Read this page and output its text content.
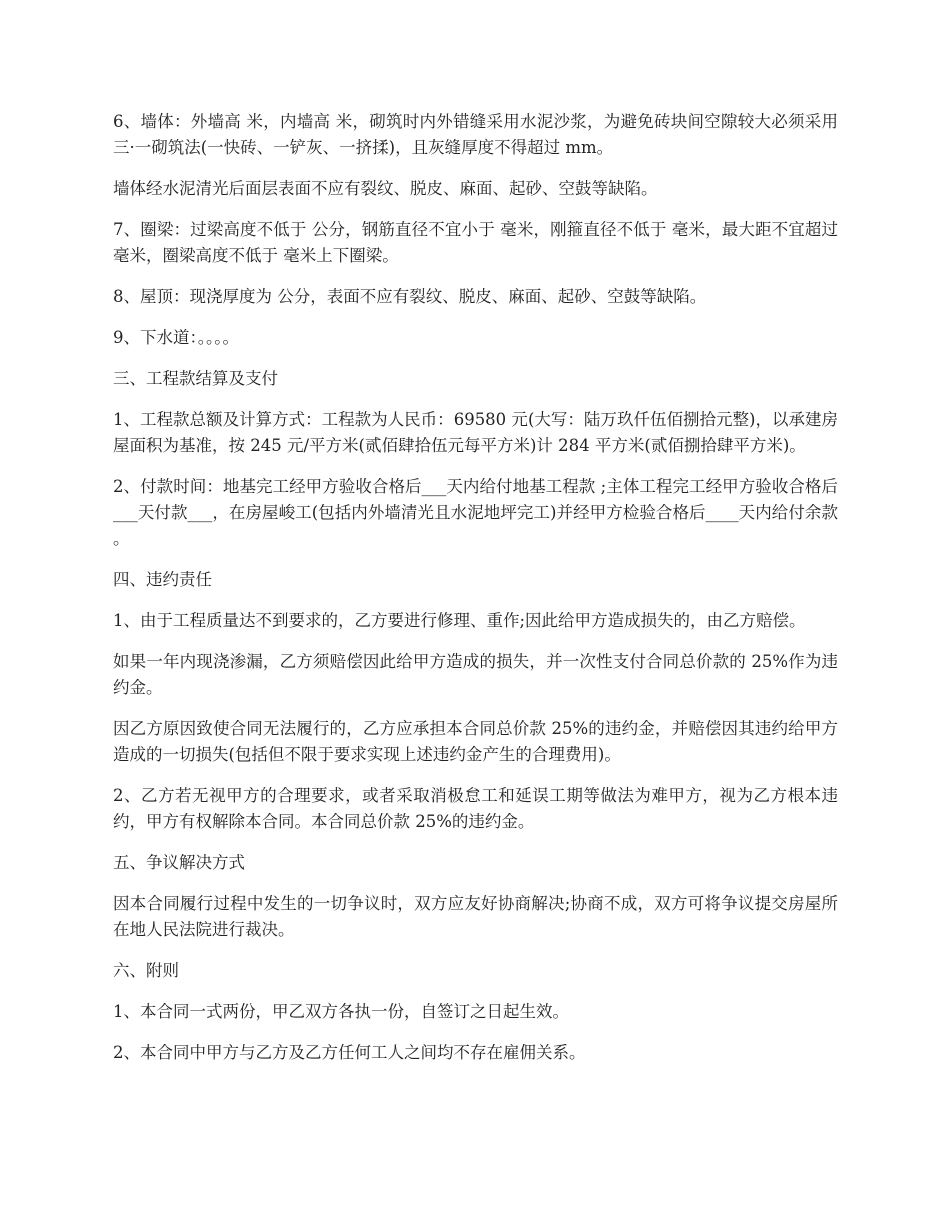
6、墙体：外墙高 米，内墙高 米，砌筑时内外错缝采用水泥沙浆，为避免砖块间空隙较大必须采用三·一砌筑法(一快砖、一铲灰、一挤揉)，且灰缝厚度不得超过 mm。

墙体经水泥清光后面层表面不应有裂纹、脱皮、麻面、起砂、空鼓等缺陷。

7、圈梁：过梁高度不低于 公分，钢筋直径不宜小于 毫米，刚箍直径不低于 毫米，最大距不宜超过 毫米，圈梁高度不低于 毫米上下圈梁。

8、屋顶：现浇厚度为 公分，表面不应有裂纹、脱皮、麻面、起砂、空鼓等缺陷。

9、下水道：。。。。

三、工程款结算及支付

1、工程款总额及计算方式：工程款为人民币：69580 元(大写：陆万玖仟伍佰捌拾元整)，以承建房屋面积为基准，按 245 元/平方米(贰佰肆拾伍元每平方米)计 284 平方米(贰佰捌拾肆平方米)。

2、付款时间：地基完工经甲方验收合格后___天内给付地基工程款 ;主体工程完工经甲方验收合格后___天付款___，在房屋峻工(包括内外墙清光且水泥地坪完工)并经甲方检验合格后____天内给付余款 。

四、违约责任

1、由于工程质量达不到要求的，乙方要进行修理、重作;因此给甲方造成损失的，由乙方赔偿。

如果一年内现浇渗漏，乙方须赔偿因此给甲方造成的损失，并一次性支付合同总价款的 25%作为违约金。

因乙方原因致使合同无法履行的，乙方应承担本合同总价款 25%的违约金，并赔偿因其违约给甲方造成的一切损失(包括但不限于要求实现上述违约金产生的合理费用)。

2、乙方若无视甲方的合理要求，或者采取消极怠工和延误工期等做法为难甲方，视为乙方根本违约，甲方有权解除本合同。本合同总价款 25%的违约金。

五、争议解决方式

因本合同履行过程中发生的一切争议时，双方应友好协商解决;协商不成，双方可将争议提交房屋所在地人民法院进行裁决。

六、附则

1、本合同一式两份，甲乙双方各执一份，自签订之日起生效。

2、本合同中甲方与乙方及乙方任何工人之间均不存在雇佣关系。
